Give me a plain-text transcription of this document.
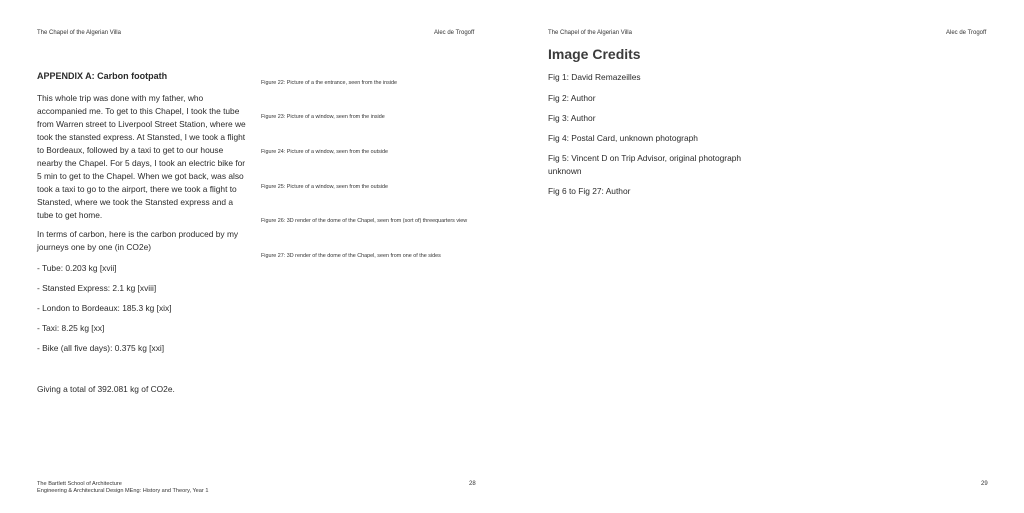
The Chapel of the Algerian Villa	Alec de Trogoff
APPENDIX A: Carbon footpath

This whole trip was done with my father, who accompanied me. To get to this Chapel, I took the tube from Warren street to Liverpool Street Station, where we took the stansted express. At Stansted, I we took a flight to Bordeaux, followed by a taxi to get to our house nearby the Chapel. For 5 days, I took an electric bike for 5 min to get to the Chapel. When we got back, was also took a taxi to go to the airport, there we took a flight to Stansted, where we took the Stansted express and a tube to get home.

In terms of carbon, here is the carbon produced by my journeys one by one (in CO2e)

- Tube: 0.203 kg [xvii]
- Stansted Express: 2.1 kg [xviii]
- London to Bordeaux: 185.3 kg [xix]
- Taxi: 8.25 kg [xx]
- Bike (all five days): 0.375 kg [xxi]
Giving a total of 392.081 kg of CO2e.
Figure 22: Picture of a the entrance, seen from the inside
Figure 23: Picture of a window, seen from the inside
Figure 24: Picture of a window, seen from the outside
Figure 25: Picture of a window, seen from the outside
Figure 26: 3D render of the dome of the Chapel, seen from (sort of) threequarters view
Figure 27: 3D render of the dome of the Chapel, seen from one of the sides
The Bartlett School of Architecture
Engineering & Architectural Design MEng: History and Theory, Year 1
28
The Chapel of the Algerian Villa	Alec de Trogoff
Image Credits
Fig 1: David Remazeilles
Fig 2: Author
Fig 3: Author
Fig 4: Postal Card, unknown photograph
Fig 5: Vincent D on Trip Advisor, original photograph unknown
Fig 6 to Fig 27: Author
29
